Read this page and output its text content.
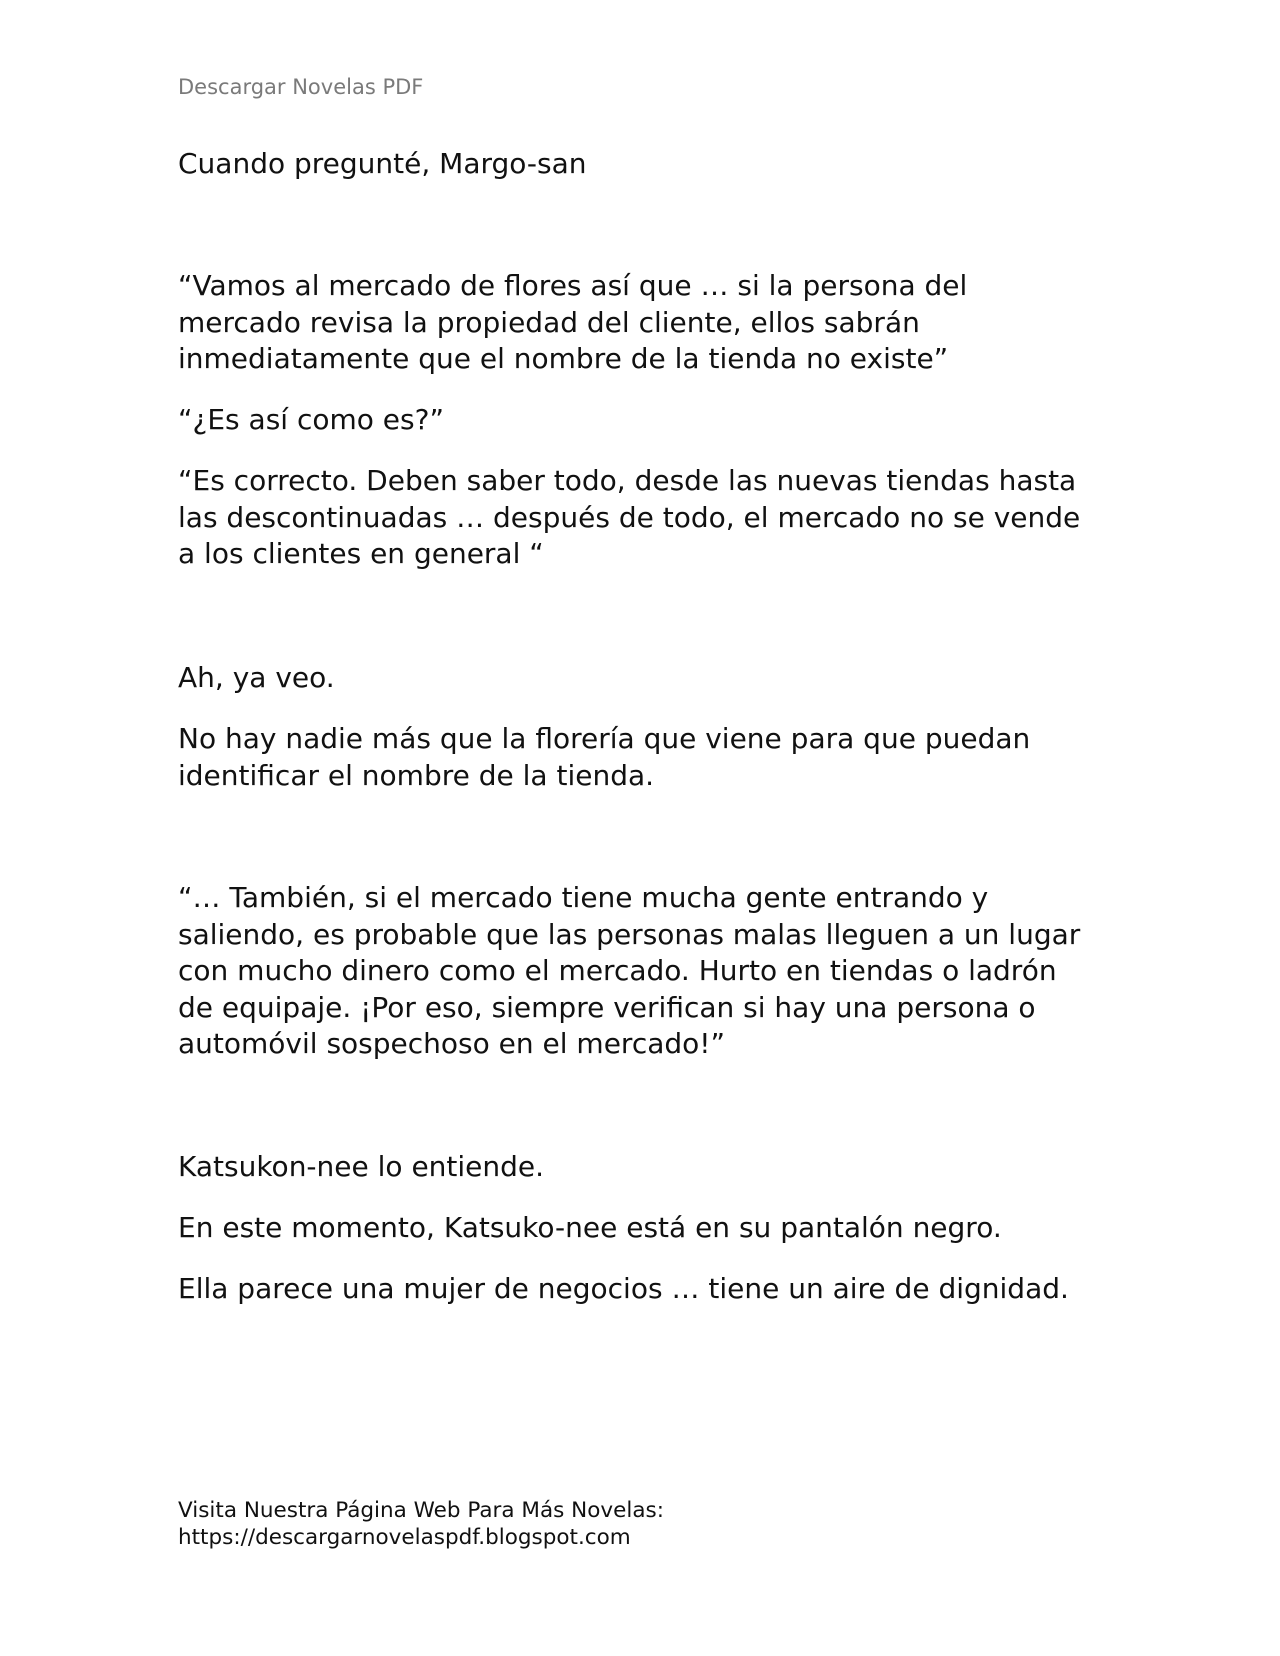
Descargar Novelas PDF

Cuando pregunté, Margo-san

“Vamos al mercado de flores así que … si la persona del mercado revisa la propiedad del cliente, ellos sabrán inmediatamente que el nombre de la tienda no existe”

“¿Es así como es?”

“Es correcto. Deben saber todo, desde las nuevas tiendas hasta las descontinuadas … después de todo, el mercado no se vende a los clientes en general “

Ah, ya veo.

No hay nadie más que la florería que viene para que puedan identificar el nombre de la tienda.

“… También, si el mercado tiene mucha gente entrando y saliendo, es probable que las personas malas lleguen a un lugar con mucho dinero como el mercado. Hurto en tiendas o ladrón de equipaje. ¡Por eso, siempre verifican si hay una persona o automóvil sospechoso en el mercado!”

Katsukon-nee lo entiende.

En este momento, Katsuko-nee está en su pantalón negro.

Ella parece una mujer de negocios … tiene un aire de dignidad.

Visita Nuestra Página Web Para Más Novelas:
https://descargarnovelaspdf.blogspot.com
